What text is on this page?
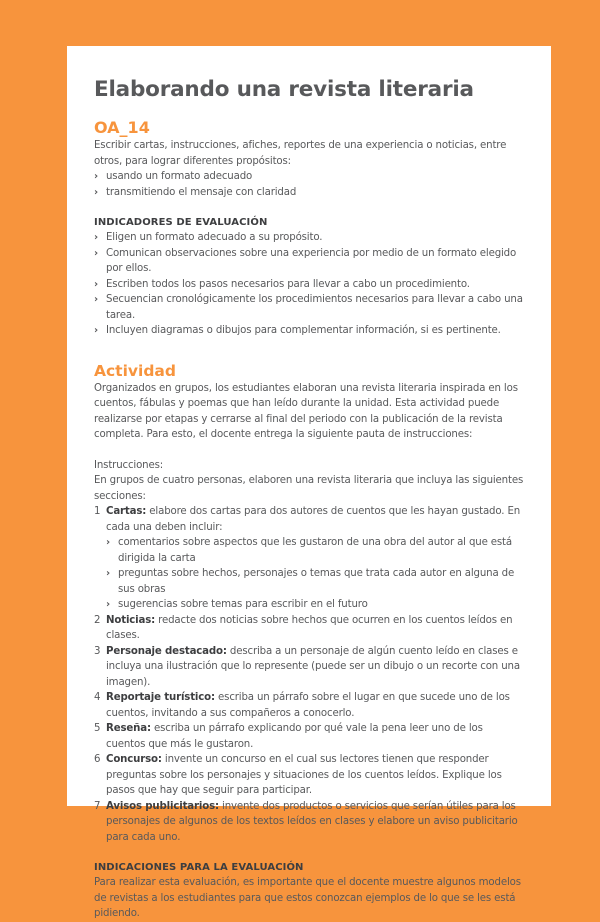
Elaborando una revista literaria
OA_14

Escribir cartas, instrucciones, afiches, reportes de una experiencia o noticias, entre otros, para lograr diferentes propósitos:

› usando un formato adecuado
› transmitiendo el mensaje con claridad
INDICADORES DE EVALUACIÓN
› Eligen un formato adecuado a su propósito.
› Comunican observaciones sobre una experiencia por medio de un formato elegido por ellos.
› Escriben todos los pasos necesarios para llevar a cabo un procedimiento.
› Secuencian cronológicamente los procedimientos necesarios para llevar a cabo una tarea.
› Incluyen diagramas o dibujos para complementar información, si es pertinente.
Actividad

Organizados en grupos, los estudiantes elaboran una revista literaria inspirada en los cuentos, fábulas y poemas que han leído durante la unidad. Esta actividad puede realizarse por etapas y cerrarse al final del periodo con la publicación de la revista completa. Para esto, el docente entrega la siguiente pauta de instrucciones:

Instrucciones:

En grupos de cuatro personas, elaboren una revista literaria que incluya las siguientes secciones:

1 Cartas: elabore dos cartas para dos autores de cuentos que les hayan gustado. En cada una deben incluir:
› comentarios sobre aspectos que les gustaron de una obra del autor al que está dirigida la carta
› preguntas sobre hechos, personajes o temas que trata cada autor en alguna de sus obras
› sugerencias sobre temas para escribir en el futuro
2 Noticias: redacte dos noticias sobre hechos que ocurren en los cuentos leídos en clases.
3 Personaje destacado: describa a un personaje de algún cuento leído en clases e incluya una ilustración que lo represente (puede ser un dibujo o un recorte con una imagen).
4 Reportaje turístico: escriba un párrafo sobre el lugar en que sucede uno de los cuentos, invitando a sus compañeros a conocerlo.
5 Reseña: escriba un párrafo explicando por qué vale la pena leer uno de los cuentos que más le gustaron.
6 Concurso: invente un concurso en el cual sus lectores tienen que responder preguntas sobre los personajes y situaciones de los cuentos leídos. Explique los pasos que hay que seguir para participar.
7 Avisos publicitarios: invente dos productos o servicios que serían útiles para los personajes de algunos de los textos leídos en clases y elabore un aviso publicitario para cada uno.
INDICACIONES PARA LA EVALUACIÓN

Para realizar esta evaluación, es importante que el docente muestre algunos modelos de revistas a los estudiantes para que estos conozcan ejemplos de lo que se les está pidiendo.
